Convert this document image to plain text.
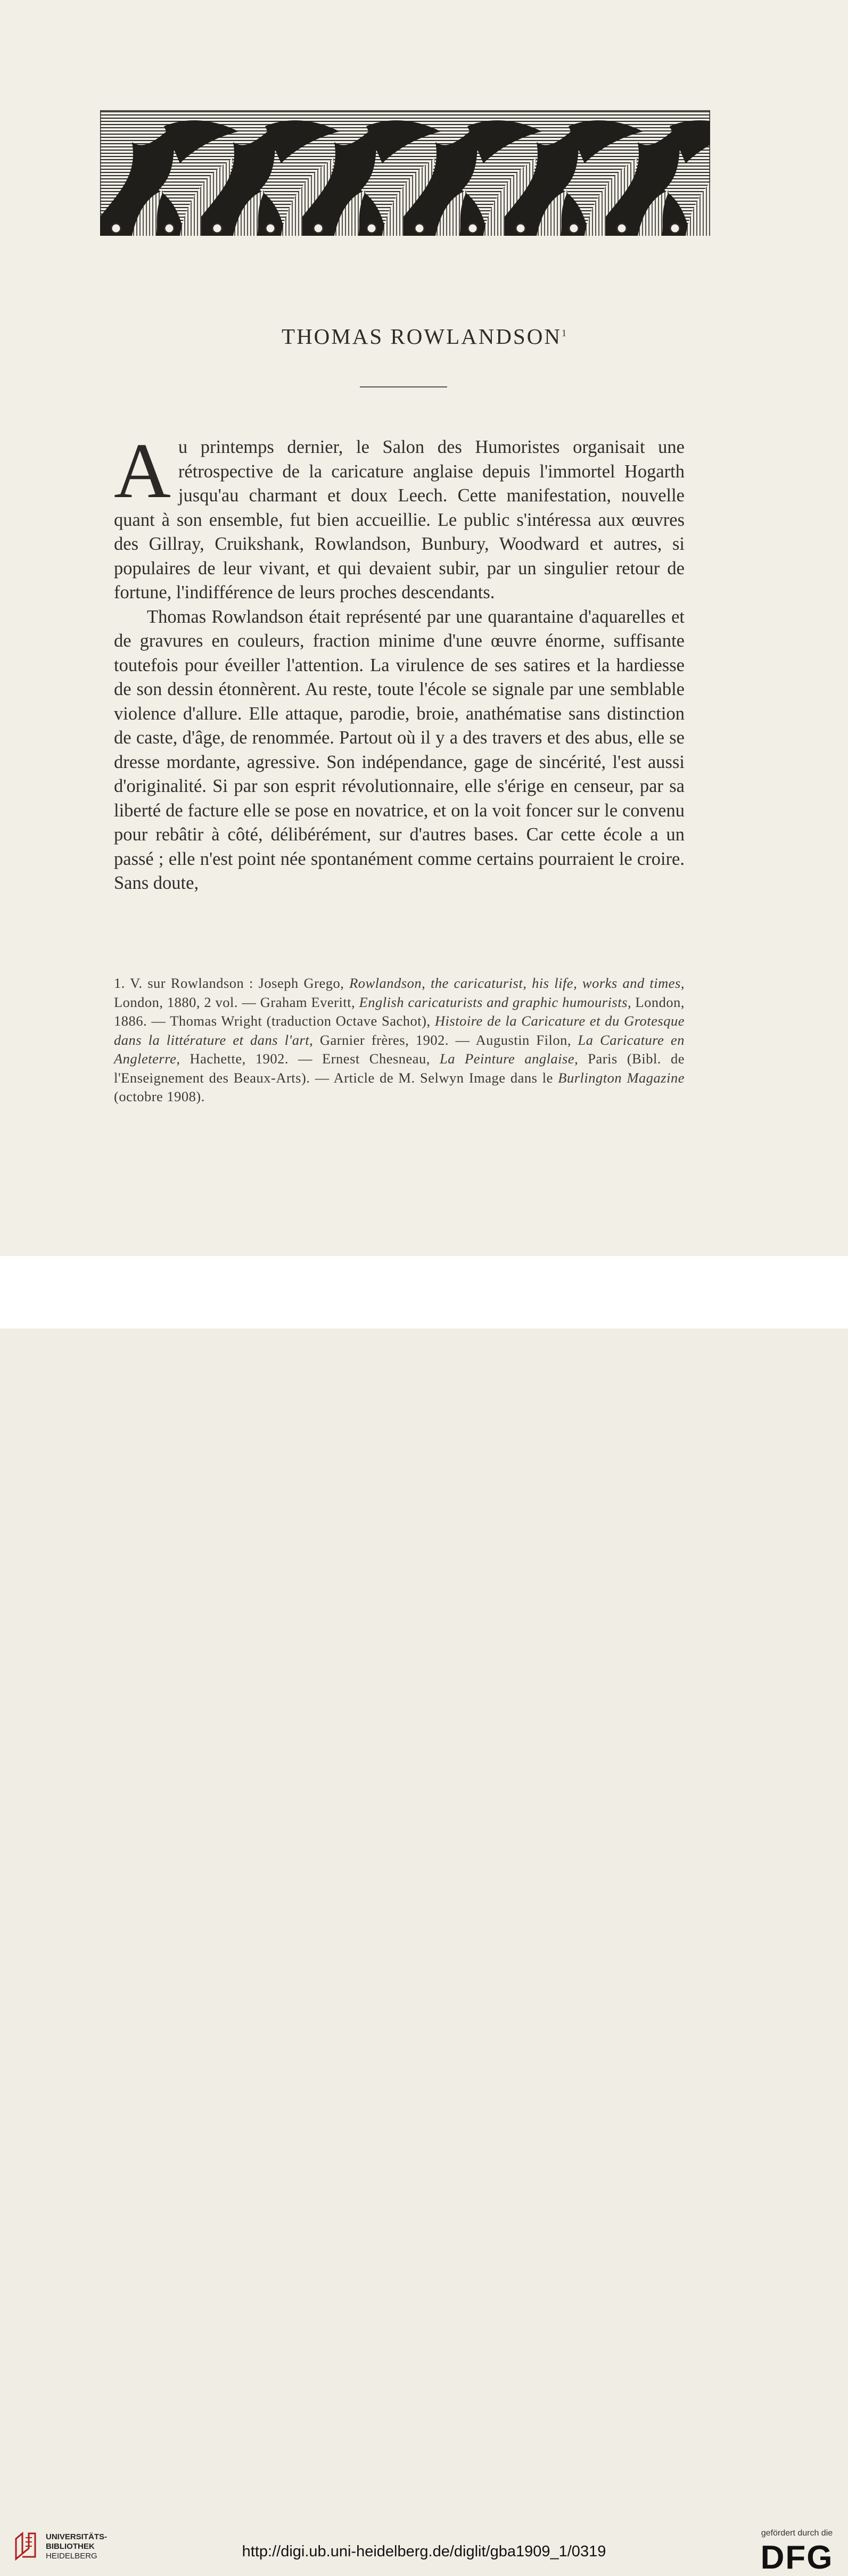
THOMAS ROWLANDSON$^1$

Au printemps dernier, le Salon des Humoristes organisait une rétrospective de la caricature anglaise depuis l'immortel Hogarth jusqu'au charmant et doux Leech. Cette manifestation, nouvelle quant à son ensemble, fut bien accueillie. Le public s'intéressa aux œuvres des Gillray, Cruikshank, Rowlandson, Bunbury, Woodward et autres, si populaires de leur vivant, et qui devaient subir, par un singulier retour de fortune, l'indifférence de leurs proches descendants.

Thomas Rowlandson était représenté par une quarantaine d'aquarelles et de gravures en couleurs, fraction minime d'une œuvre énorme, suffisante toutefois pour éveiller l'attention. La virulence de ses satires et la hardiesse de son dessin étonnèrent. Au reste, toute l'école se signale par une semblable violence d'allure. Elle attaque, parodie, broie, anathématise sans distinction de caste, d'âge, de renommée. Partout où il y a des travers et des abus, elle se dresse mordante, agressive. Son indépendance, gage de sincérité, l'est aussi d'originalité. Si par son esprit révolutionnaire, elle s'érige en censeur, par sa liberté de facture elle se pose en novatrice, et on la voit foncer sur le convenu pour rebâtir à côté, délibérément, sur d'autres bases. Car cette école a un passé ; elle n'est point née spontanément comme certains pourraient le croire. Sans doute,

1. V. sur Rowlandson : Joseph Grego, Rowlandson, the caricaturist, his life, works and times, London, 1880, 2 vol. — Graham Everitt, English caricaturists and graphic humourists, London, 1886. — Thomas Wright (traduction Octave Sachot), Histoire de la Caricature et du Grotesque dans la littérature et dans l'art, Garnier frères, 1902. — Augustin Filon, La Caricature en Angleterre, Hachette, 1902. — Ernest Chesneau, La Peinture anglaise, Paris (Bibl. de l'Enseignement des Beaux-Arts). — Article de M. Selwyn Image dans le Burlington Magazine (octobre 1908).
UNIVERSITÄTS-
BIBLIOTHEK
HEIDELBERG	http://digi.ub.uni-heidelberg.de/diglit/gba1909_1/0319
gefördert durch die
DFG
